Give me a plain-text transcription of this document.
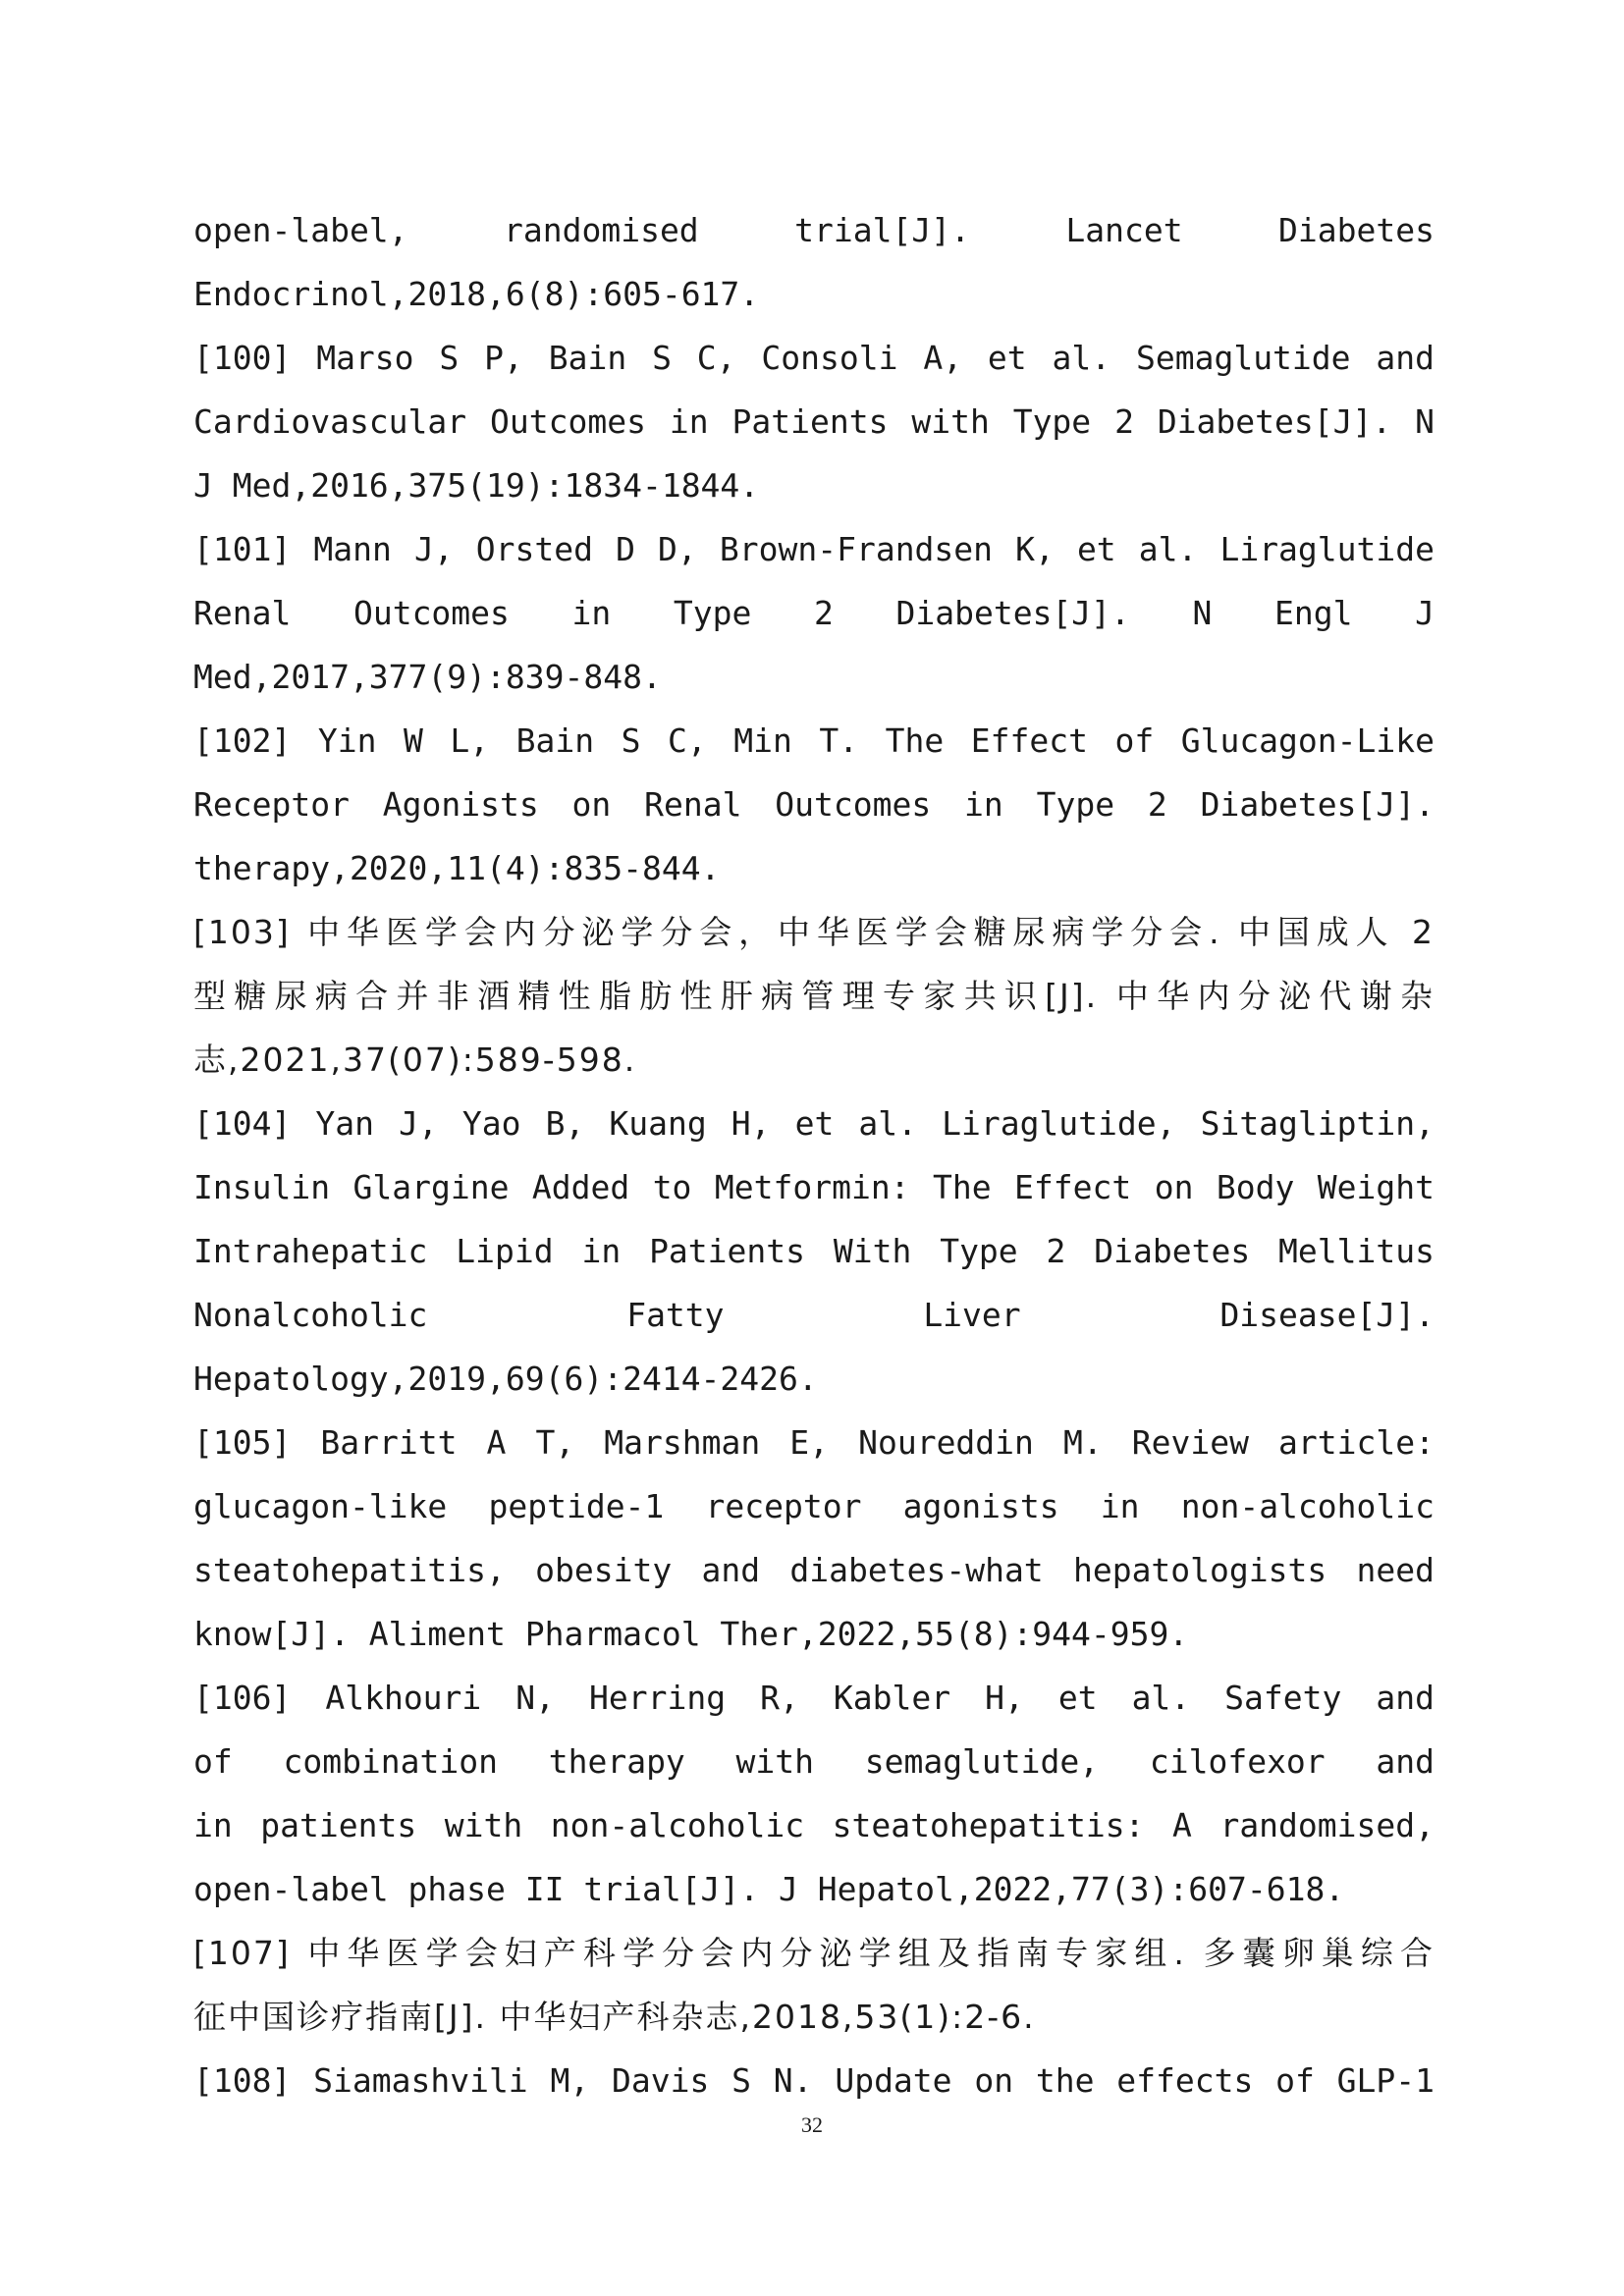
open-label, randomised trial[J]. Lancet Diabetes
Endocrinol,2018,6(8):605-617.
[100] Marso S P, Bain S C, Consoli A, et al. Semaglutide and
Cardiovascular Outcomes in Patients with Type 2 Diabetes[J]. N
J Med,2016,375(19):1834-1844.
[101] Mann J, Orsted D D, Brown-Frandsen K, et al. Liraglutide
Renal Outcomes in Type 2 Diabetes[J]. N Engl J
Med,2017,377(9):839-848.
[102] Yin W L, Bain S C, Min T. The Effect of Glucagon-Like
Receptor Agonists on Renal Outcomes in Type 2 Diabetes[J].
therapy,2020,11(4):835-844.
[103] 中华医学会内分泌学分会，中华医学会糖尿病学分会. 中国成人 2
型糖尿病合并非酒精性脂肪性肝病管理专家共识[J]. 中华内分泌代谢杂
志,2021,37(07):589-598.
[104] Yan J, Yao B, Kuang H, et al. Liraglutide, Sitagliptin,
Insulin Glargine Added to Metformin: The Effect on Body Weight
Intrahepatic Lipid in Patients With Type 2 Diabetes Mellitus
Nonalcoholic Fatty Liver Disease[J].
Hepatology,2019,69(6):2414-2426.
[105] Barritt A T, Marshman E, Noureddin M. Review article:
glucagon-like peptide-1 receptor agonists in non-alcoholic
steatohepatitis, obesity and diabetes-what hepatologists need
know[J]. Aliment Pharmacol Ther,2022,55(8):944-959.
[106] Alkhouri N, Herring R, Kabler H, et al. Safety and
of combination therapy with semaglutide, cilofexor and
in patients with non-alcoholic steatohepatitis: A randomised,
open-label phase II trial[J]. J Hepatol,2022,77(3):607-618.
[107] 中华医学会妇产科学分会内分泌学组及指南专家组. 多囊卵巢综合
征中国诊疗指南[J]. 中华妇产科杂志,2018,53(1):2-6.
[108] Siamashvili M, Davis S N. Update on the effects of GLP-1
32
